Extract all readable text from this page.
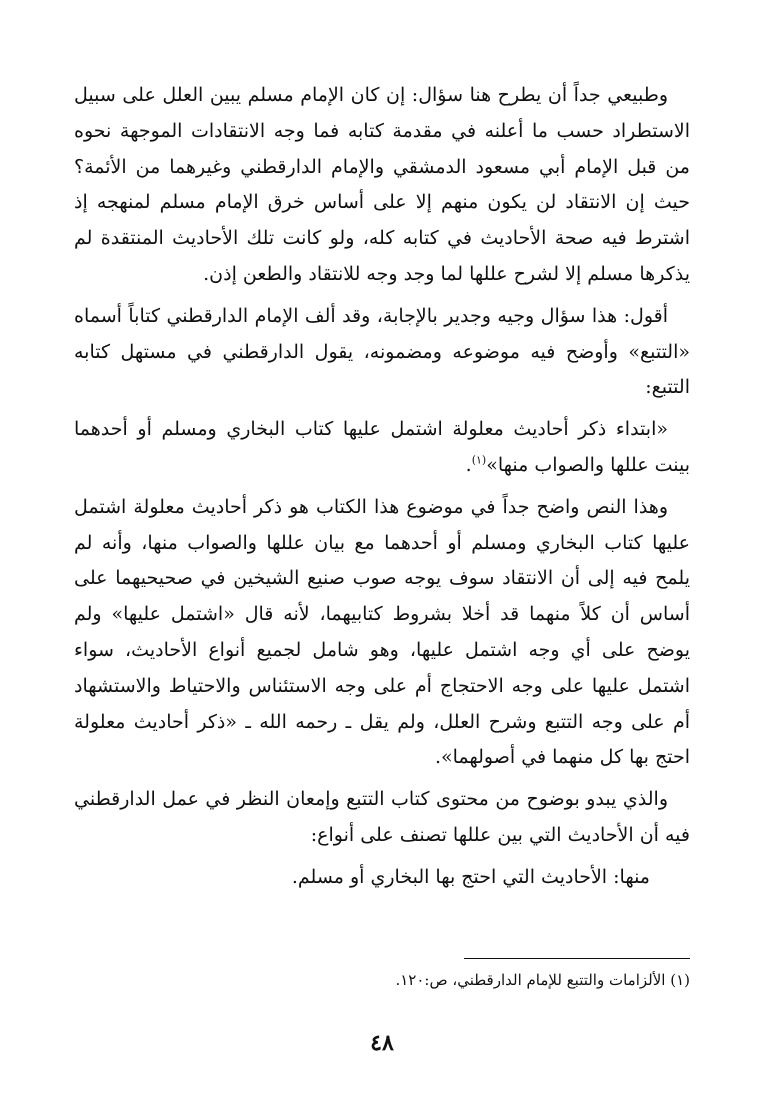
وطبيعي جداً أن يطرح هنا سؤال: إن كان الإمام مسلم يبين العلل على سبيل الاستطراد حسب ما أعلنه في مقدمة كتابه فما وجه الانتقادات الموجهة نحوه من قبل الإمام أبي مسعود الدمشقي والإمام الدارقطني وغيرهما من الأئمة؟ حيث إن الانتقاد لن يكون منهم إلا على أساس خرق الإمام مسلم لمنهجه إذ اشترط فيه صحة الأحاديث في كتابه كله، ولو كانت تلك الأحاديث المنتقدة لم يذكرها مسلم إلا لشرح عللها لما وجد وجه للانتقاد والطعن إذن.

أقول: هذا سؤال وجيه وجدير بالإجابة، وقد ألف الإمام الدارقطني كتاباً أسماه «التتبع» وأوضح فيه موضوعه ومضمونه، يقول الدارقطني في مستهل كتابه التتبع:

«ابتداء ذكر أحاديث معلولة اشتمل عليها كتاب البخاري ومسلم أو أحدهما بينت عللها والصواب منها»$^{(١)}$.

وهذا النص واضح جداً في موضوع هذا الكتاب هو ذكر أحاديث معلولة اشتمل عليها كتاب البخاري ومسلم أو أحدهما مع بيان عللها والصواب منها، وأنه لم يلمح فيه إلى أن الانتقاد سوف يوجه صوب صنيع الشيخين في صحيحيهما على أساس أن كلاً منهما قد أخلا بشروط كتابيهما، لأنه قال «اشتمل عليها» ولم يوضح على أي وجه اشتمل عليها، وهو شامل لجميع أنواع الأحاديث، سواء اشتمل عليها على وجه الاحتجاج أم على وجه الاستئناس والاحتياط والاستشهاد أم على وجه التتبع وشرح العلل، ولم يقل ـ رحمه الله ـ «ذكر أحاديث معلولة احتج بها كل منهما في أصولهما».

والذي يبدو بوضوح من محتوى كتاب التتبع وإمعان النظر في عمل الدارقطني فيه أن الأحاديث التي بين عللها تصنف على أنواع:

منها: الأحاديث التي احتج بها البخاري أو مسلم.

(١) الألزامات والتتبع للإمام الدارقطني، ص:١٢٠.

٤٨
